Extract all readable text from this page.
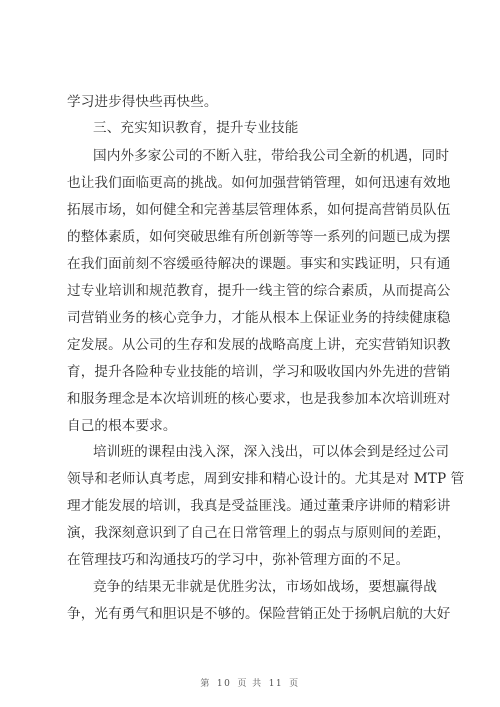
学习进步得快些再快些。
三、充实知识教育，提升专业技能
国内外多家公司的不断入驻，带给我公司全新的机遇，同时
也让我们面临更高的挑战。如何加强营销管理，如何迅速有效地
拓展市场，如何健全和完善基层管理体系，如何提高营销员队伍
的整体素质，如何突破思维有所创新等等一系列的问题已成为摆
在我们面前刻不容缓亟待解决的课题。事实和实践证明，只有通
过专业培训和规范教育，提升一线主管的综合素质，从而提高公
司营销业务的核心竞争力，才能从根本上保证业务的持续健康稳
定发展。从公司的生存和发展的战略高度上讲，充实营销知识教
育，提升各险种专业技能的培训，学习和吸收国内外先进的营销
和服务理念是本次培训班的核心要求，也是我参加本次培训班对
自己的根本要求。
培训班的课程由浅入深，深入浅出，可以体会到是经过公司
领导和老师认真考虑，周到安排和精心设计的。尤其是对 MTP 管
理才能发展的培训，我真是受益匪浅。通过董秉序讲师的精彩讲
演，我深刻意识到了自己在日常管理上的弱点与原则间的差距，
在管理技巧和沟通技巧的学习中，弥补管理方面的不足。
竞争的结果无非就是优胜劣汰，市场如战场，要想赢得战
争，光有勇气和胆识是不够的。保险营销正处于扬帆启航的大好
第 10 页 共 11 页
